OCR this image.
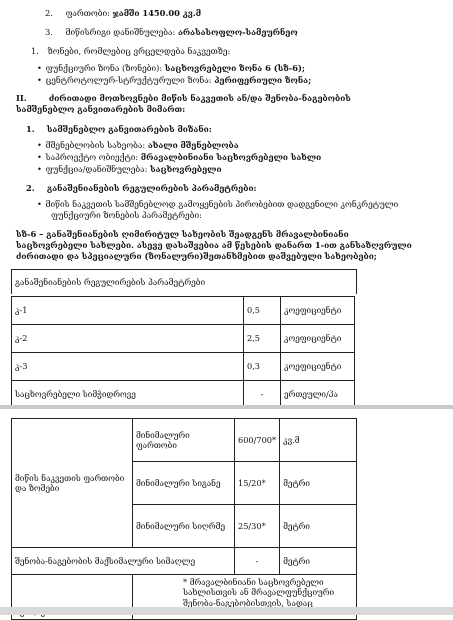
2. ფართობი: ჯამში 1450.00 კვ.მ
3. მიწისრიგი დანიშნულება: არასასოფლო-სამეურნეო
1. ზონები, რომლებიც ვრცელდება ნაკვეთზე:
• ფუნქციური ზონა (ზონები): საცხოვრებელი ზონა 6 (სზ-6);
• ცენტროტოლურ-სტრუქტურული ზონა: პერიფერიული ზონა;
II.	ძირითადი მოთხოვნები მიწის ნაკვეთის ან/და შენობა-ნაგებობის
სამშენებლო განვითარების მიმართ:
1. სამშენებლო განვითარების მიზანი:
• მშენებლობის სახეობა: ახალი მშენებლობა
• საპროექტო ობიექტი: მრავალბინიანი საცხოვრებელი სახლი
• ფუნქცია/დანიშნულება: საცხოვრებელი
2. განაშენიანების რეგულირების პარამეტრები:
• მიწის ნაკვეთის სამშენებლოდ გამოყენების პირობებით დადგენილი კონკრეტული
ფუნქციური ზონების პარამეტრები:
სზ-6 – განაშენიანების ღიმირიტულ სახეობის შეადგენს მრავალბინიანი
საცხოვრებელი სახლები. ასევე დასაშვებია ამ წესების დანართ 1-ით განსაზღვრული
ძირითადი და სპეციალური (ზონალური)შეთანხმებით დაშვებული სახეობები;
განაშენიანების რეგულირების პარამეტრები
კ-1	0,5	კოეფიციენტი
კ-2	2,5	კოეფიციენტი
კ-3	0,3	კოეფიციენტი
საცხოვრებელი სიმჭიდროვე	-	ერთეული/ჰა
მიწის ნაკვეთის ფართობი და ზომები	მინიმალური ფართობი	600/700*	კვ.მ
	მინიმალური სიგანე	15/20*	მეტრი
	მინიმალური სიღრმე	25/30*	მეტრი
შენობა-ნაგებობის მაქსიმალური სიმაღლე		-	მეტრი

* მრავალბინიანი საცხოვრებელი
სახლისთვის ან მრავალფუნქციური
შენობა-ნაგებობისთვის, სადაც		
